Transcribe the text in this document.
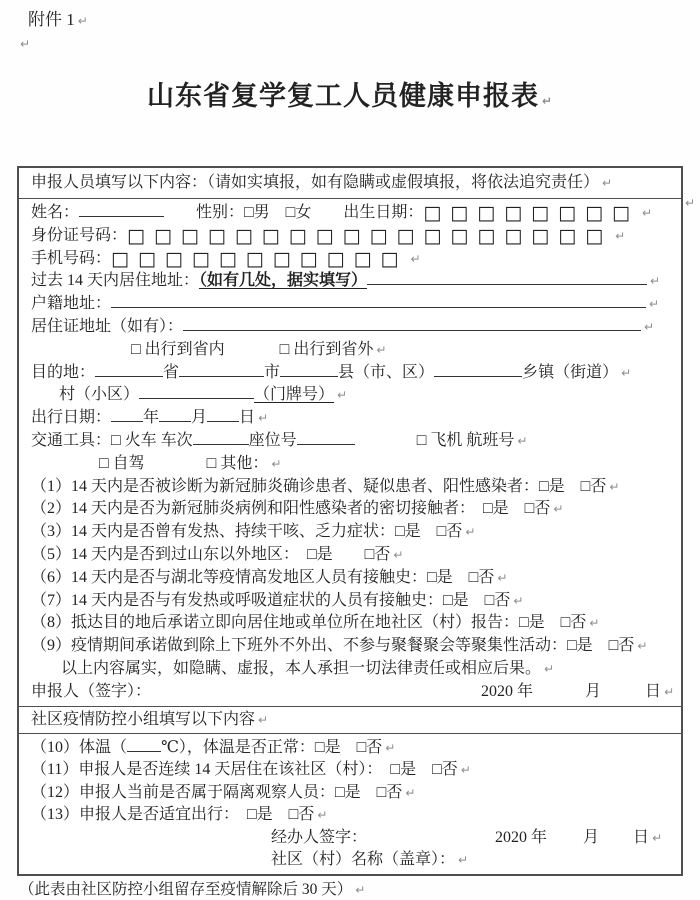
附件 1 ↵
↵
山东省复学复工人员健康申报表 ↵
↵
申报人员填写以下内容：（请如实填报，如有隐瞒或虚假填报，将依法追究责任） ↵
姓名：	　　性别：□男　□女　　出生日期：□□□□□□□□ ↵
身份证号码：□□□□□□□□□□□□□□□□□□ ↵
手机号码：□□□□□□□□□□□ ↵
过去 14 天内居住地址：（如有几处，据实填写）	↵
户籍地址：	↵
居住证地址（如有）：	↵
□ 出行到省内	□ 出行到省外 ↵
目的地：	省	市	县（市、区）	乡镇（街道） ↵
村（小区）	（门牌号） ↵
出行日期： 年 月 日 ↵
交通工具：□ 火车 车次	座位号	□ 飞机 航班号 ↵
□ 自驾	□ 其他： ↵
（1）14 天内是否被诊断为新冠肺炎确诊患者、疑似患者、阳性感染者：□是　□否 ↵
（2）14 天内是否为新冠肺炎病例和阳性感染者的密切接触者：　□是　□否 ↵
（3）14 天内是否曾有发热、持续干咳、乏力症状：□是　□否 ↵
（5）14 天内是否到过山东以外地区：　□是　　□否 ↵
（6）14 天内是否与湖北等疫情高发地区人员有接触史：□是　□否 ↵
（7）14 天内是否与有发热或呼吸道症状的人员有接触史：□是　□否 ↵
（8）抵达目的地后承诺立即向居住地或单位所在地社区（村）报告：□是　□否 ↵
（9）疫情期间承诺做到除上下班外不外出、不参与聚餐聚会等聚集性活动：□是　□否 ↵
以上内容属实，如隐瞒、虚报，本人承担一切法律责任或相应后果。 ↵
申报人（签字）：	2020 年	月	日 ↵
社区疫情防控小组填写以下内容 ↵
（10）体温（ ℃），体温是否正常：□是　□否 ↵
（11）申报人是否连续 14 天居住在该社区（村）：　□是　□否 ↵
（12）申报人当前是否属于隔离观察人员：□是　□否 ↵
（13）申报人是否适宜出行：　□是　□否 ↵
经办人签字：	2020 年 月 日 ↵
社区（村）名称（盖章）： ↵
（此表由社区防控小组留存至疫情解除后 30 天） ↵
